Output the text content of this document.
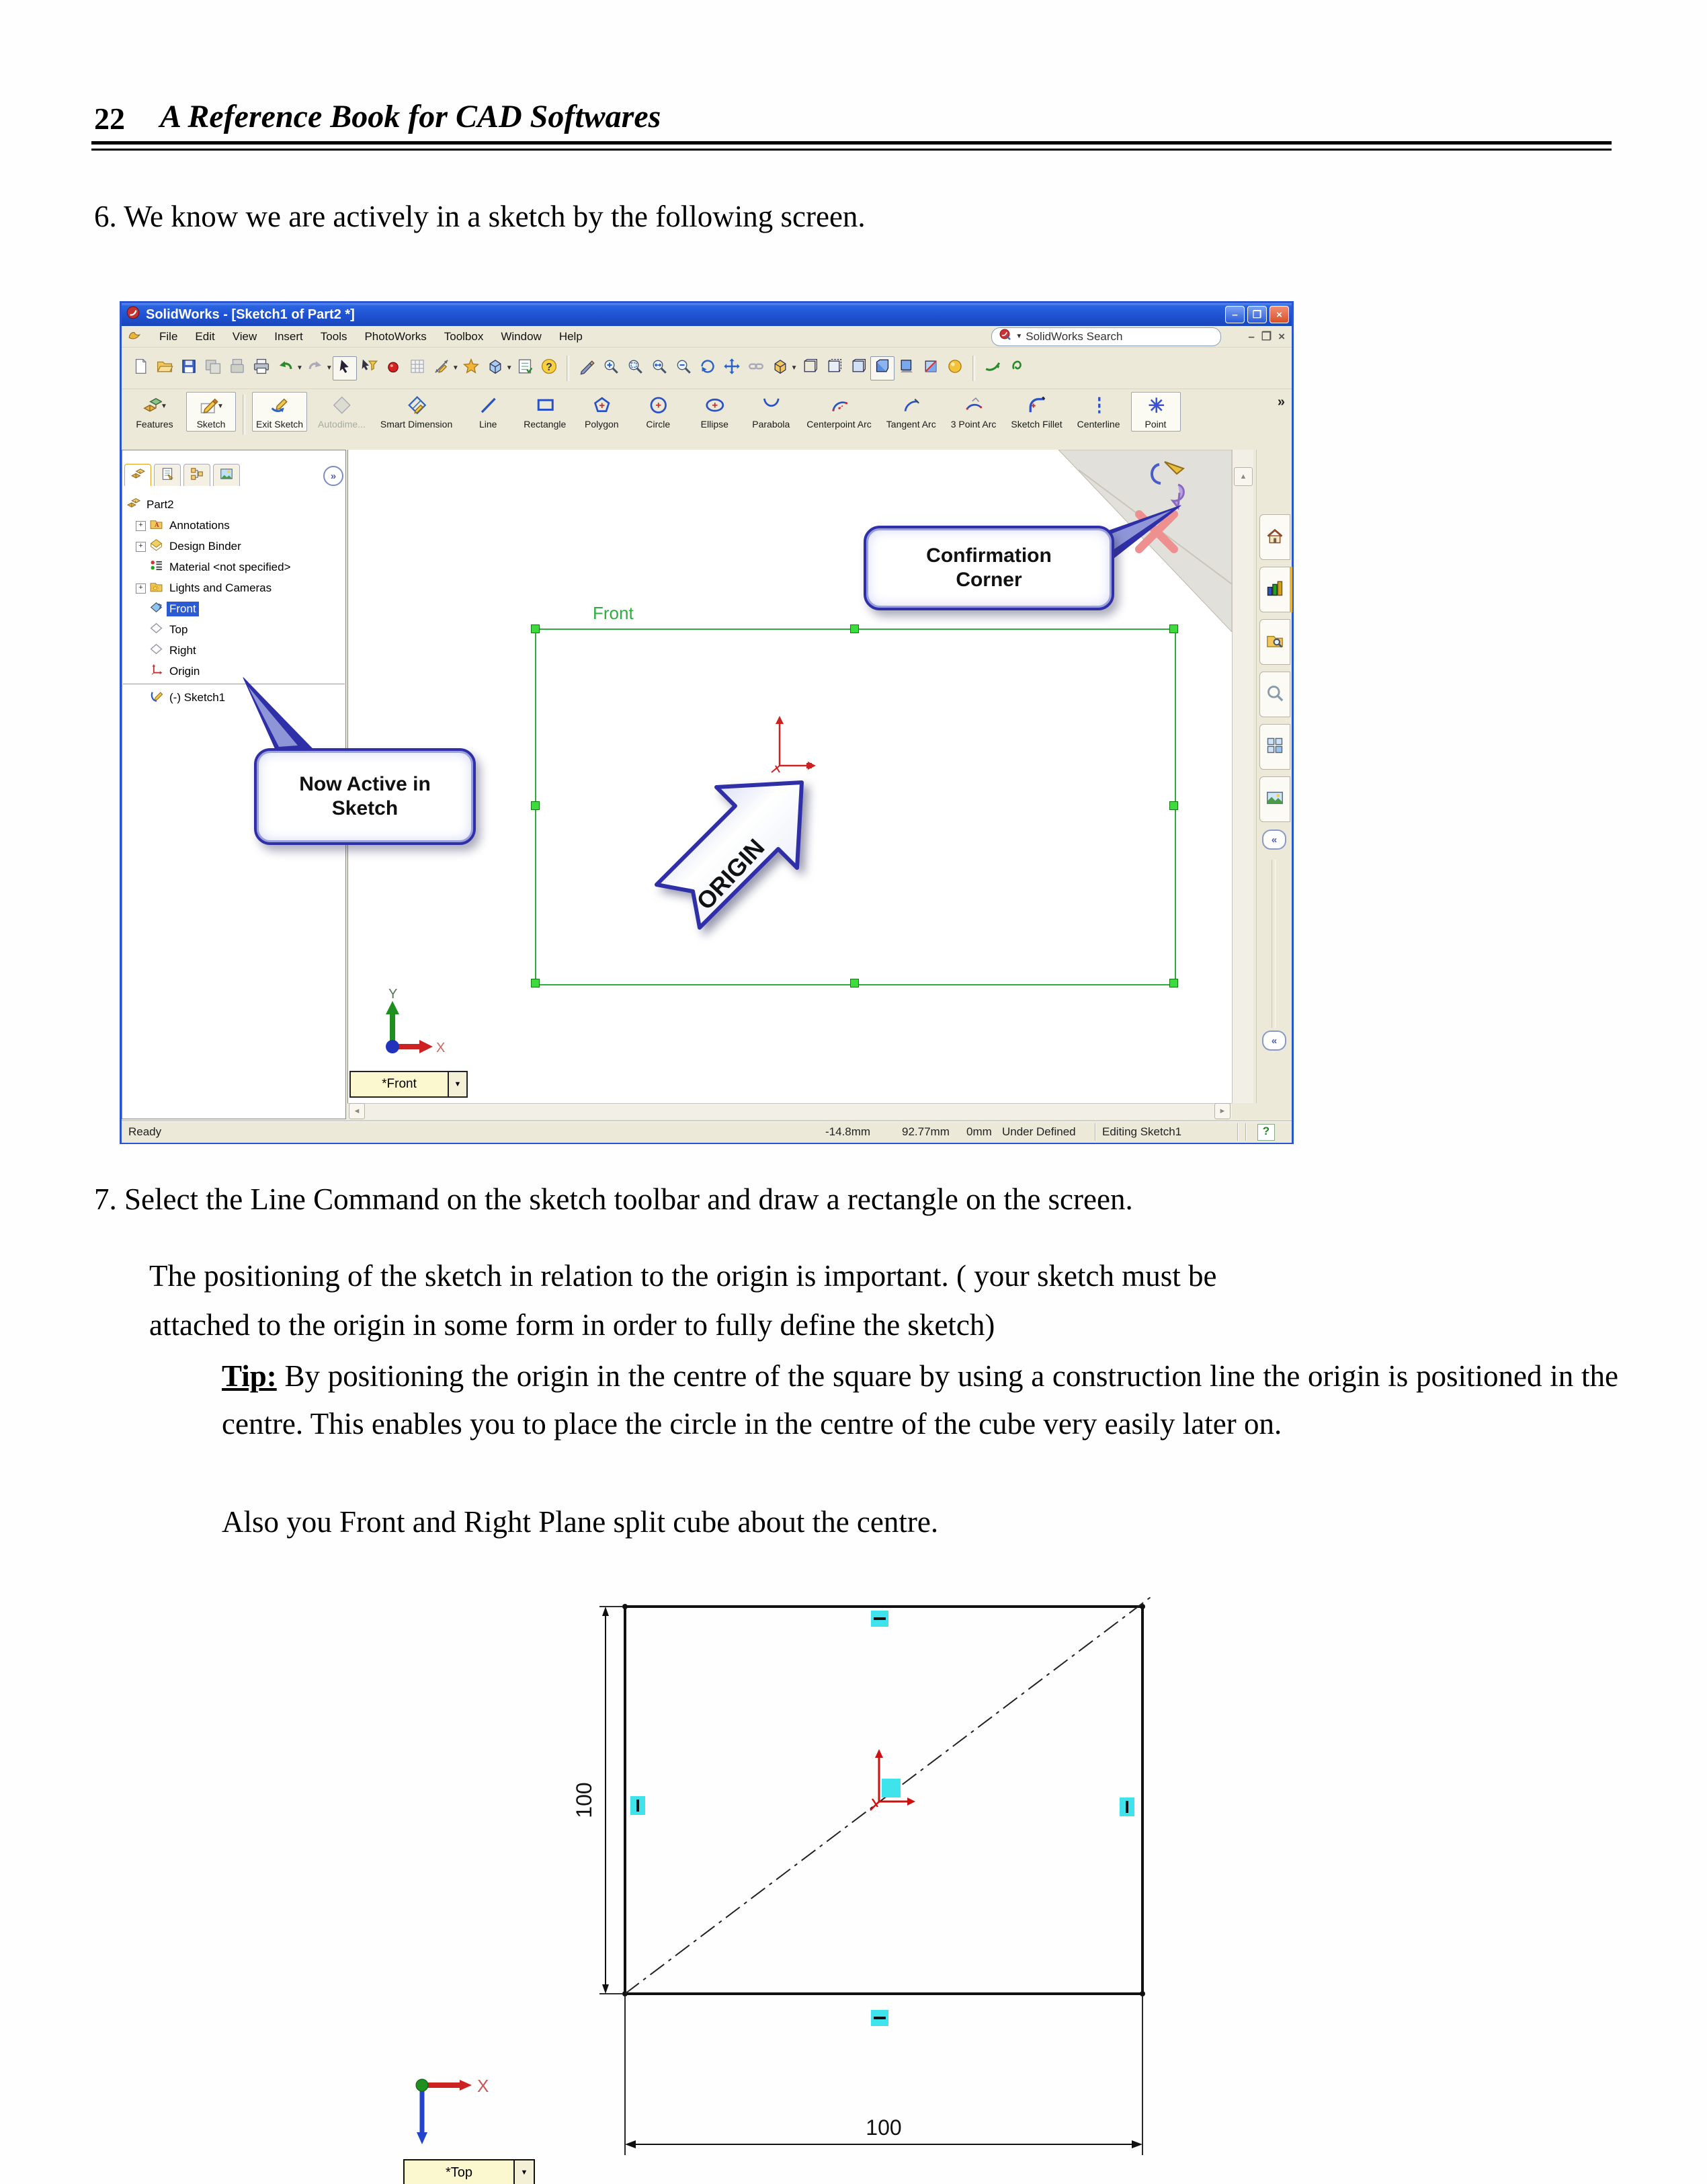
22 A Reference Book for CAD Softwares
6. We know we are actively in a sketch by the following screen.
SolidWorks - [Sketch1 of Part2 *]	–	❐	×
File Edit View Insert Tools PhotoWorks Toolbox Window Help	▼ SolidWorks Search	– ❐ ×
▼	▼	▼	▼	?	▼
»
▼
Features
▼
Sketch	Exit Sketch Autodime... Smart Dimension	Line	Rectangle Polygon	Circle	Ellipse	Parabola Centerpoint Arc Tangent Arc 3 Point Arc Sketch Fillet Centerline	Point
»
Part2
+	A Annotations
+ Design Binder
Material <not specified>
+ Lights and Cameras
Front
Top
Right
Origin
(-) Sketch1
Front
ORIGIN
*Front	▼
Y
X
▲
«
«
◄	►
Ready	-14.8mm	92.77mm 0mm Under Defined Editing Sketch1	?
Confirmation Corner
Now Active in Sketch
7. Select the Line Command on the sketch toolbar and draw a rectangle on the screen.
The positioning of the sketch in relation to the origin is important. ( your sketch must be
attached to the origin in some form in order to fully define the sketch)
Tip: By positioning the origin in the centre of the square by using a construction line the origin is positioned in the centre. This enables you to place the circle in the centre of the cube very easily later on.
Also you Front and Right Plane split cube about the centre.
100
100
X
*Top	▼
